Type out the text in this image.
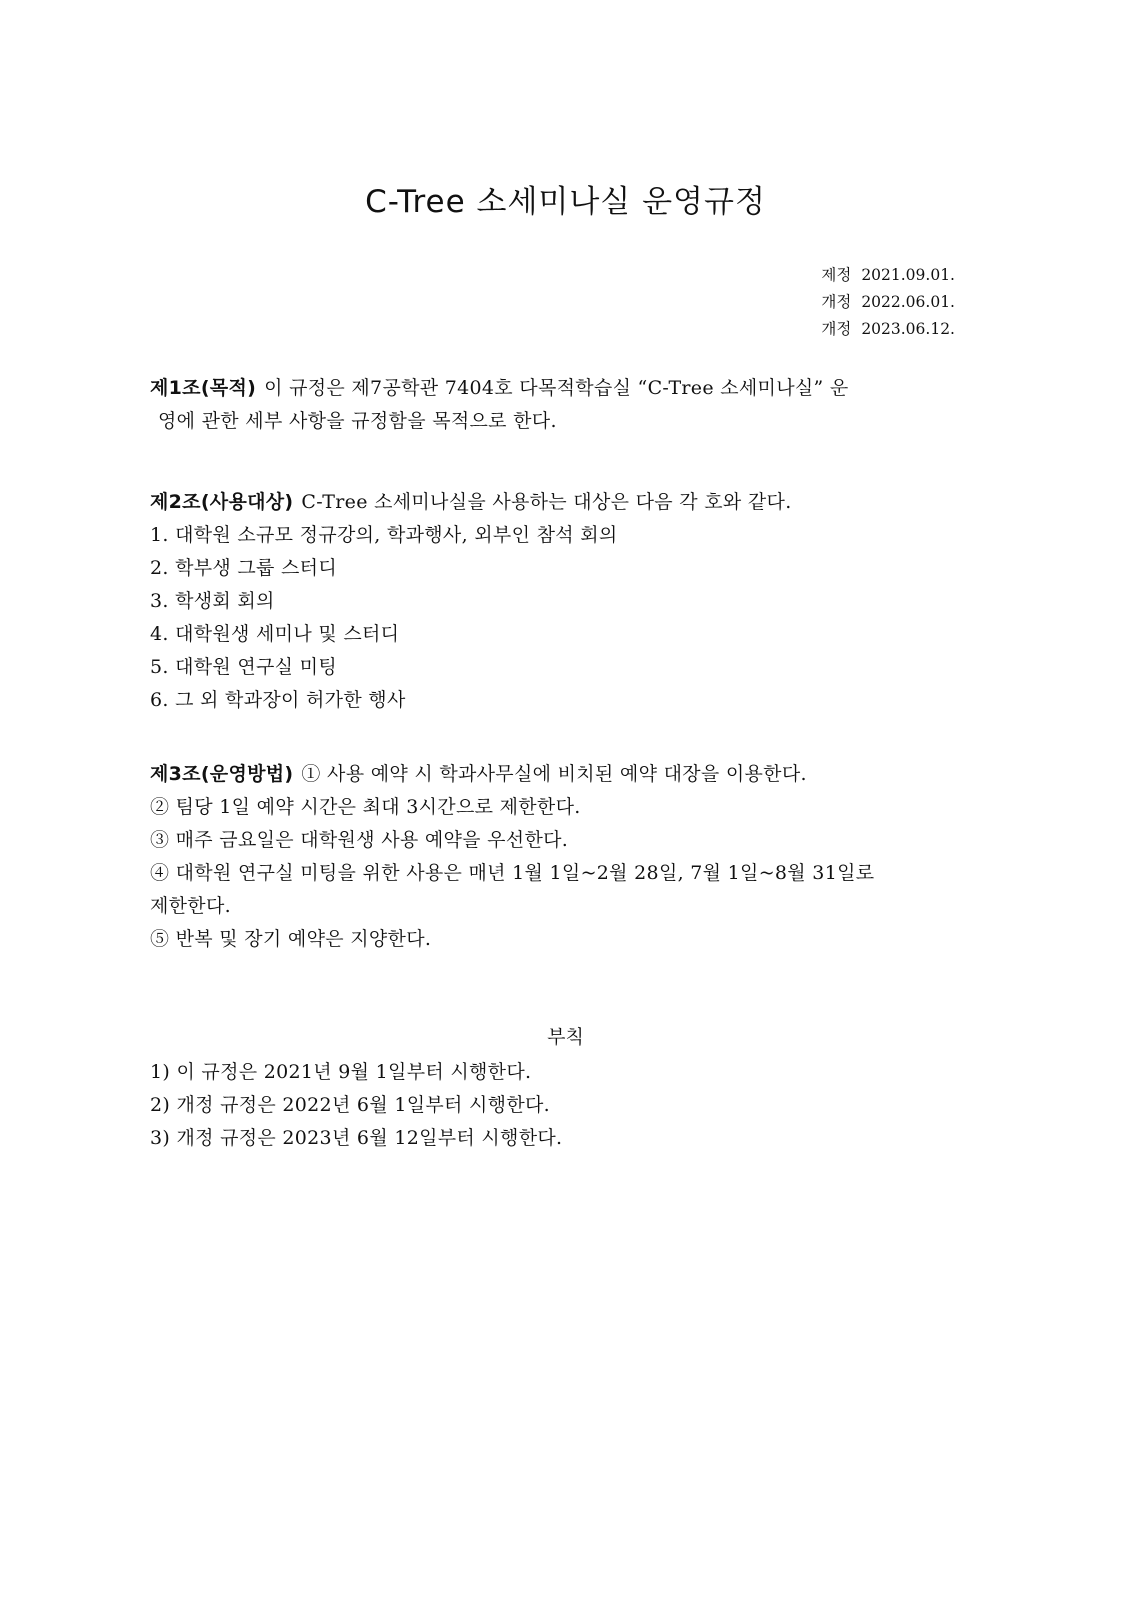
C-Tree 소세미나실 운영규정
제정 2021.09.01.
개정 2022.06.01.
개정 2023.06.12.
제1조(목적) 이 규정은 제7공학관 7404호 다목적학습실 “C-Tree 소세미나실” 운
영에 관한 세부 사항을 규정함을 목적으로 한다.
제2조(사용대상) C-Tree 소세미나실을 사용하는 대상은 다음 각 호와 같다.
1. 대학원 소규모 정규강의, 학과행사, 외부인 참석 회의
2. 학부생 그룹 스터디
3. 학생회 회의
4. 대학원생 세미나 및 스터디
5. 대학원 연구실 미팅
6. 그 외 학과장이 허가한 행사
제3조(운영방법) ① 사용 예약 시 학과사무실에 비치된 예약 대장을 이용한다.
② 팀당 1일 예약 시간은 최대 3시간으로 제한한다.
③ 매주 금요일은 대학원생 사용 예약을 우선한다.
④ 대학원 연구실 미팅을 위한 사용은 매년 1월 1일~2월 28일, 7월 1일~8월 31일로
제한한다.
⑤ 반복 및 장기 예약은 지양한다.
부칙
1) 이 규정은 2021년 9월 1일부터 시행한다.
2) 개정 규정은 2022년 6월 1일부터 시행한다.
3) 개정 규정은 2023년 6월 12일부터 시행한다.
